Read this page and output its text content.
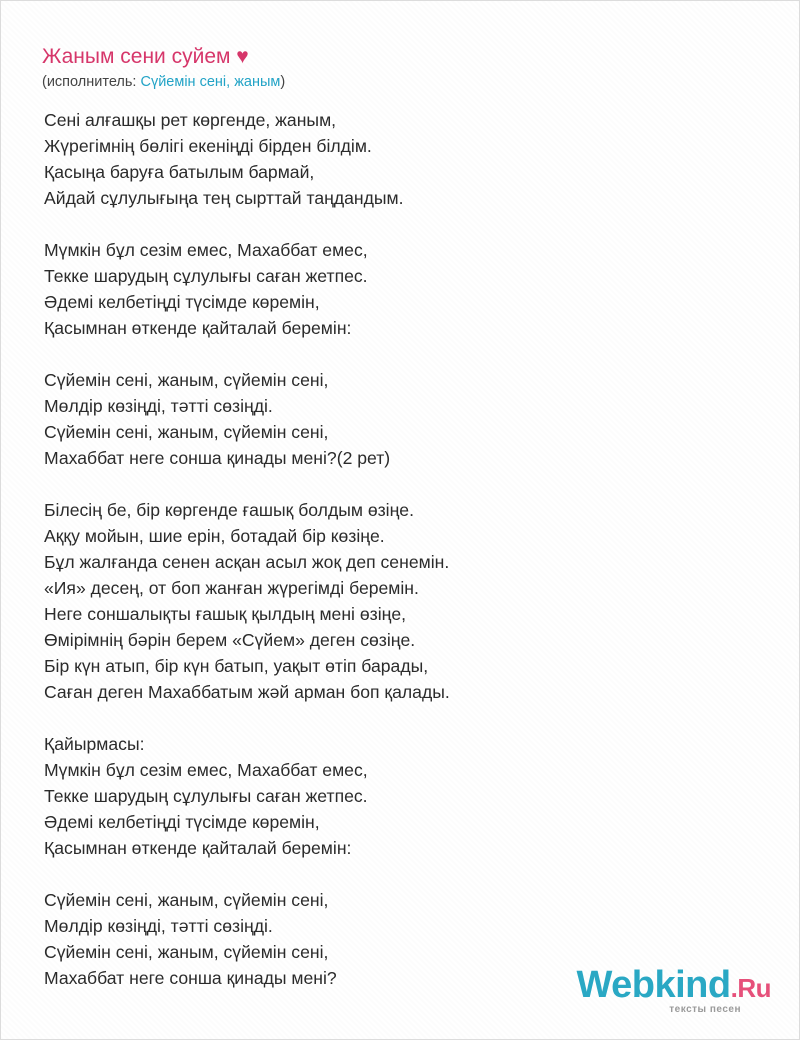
Жаным сени суйем ♥
(исполнитель: Сүйемін сені, жаным)
Сені алғашқы рет көргенде, жаным,
Жүрегімнің бөлігі екеніңді бірден білдім.
Қасыңа баруға батылым бармай,
Айдай сұлулығыңа тең сырттай таңдандым.
Мүмкін бұл сезім емес, Махаббат емес,
Текке шарудың сұлулығы саған жетпес.
Әдемі келбетіңді түсімде көремін,
Қасымнан өткенде қайталай беремін:
Сүйемін сені, жаным, сүйемін сені,
Мөлдір көзіңді, тәтті сөзіңді.
Сүйемін сені, жаным, сүйемін сені,
Махаббат неге сонша қинады мені?(2 рет)
Білесің бе, бір көргенде ғашық болдым өзіңе.
Аққу мойын, шие ерін, ботадай бір көзіңе.
Бұл жалғанда сенен асқан асыл жоқ деп сенемін.
«Ия» десең, от боп жанған жүрегімді беремін.
Неге соншалықты ғашық қылдың мені өзіңе,
Өмірімнің бәрін берем «Сүйем» деген сөзіңе.
Бір күн атып, бір күн батып, уақыт өтіп барады,
Саған деген Махаббатым жәй арман боп қалады.
Қайырмасы:
Мүмкін бұл сезім емес, Махаббат емес,
Текке шарудың сұлулығы саған жетпес.
Әдемі келбетіңді түсімде көремін,
Қасымнан өткенде қайталай беремін:
Сүйемін сені, жаным, сүйемін сені,
Мөлдір көзіңді, тәтті сөзіңді.
Сүйемін сені, жаным, сүйемін сені,
Махаббат неге сонша қинады мені?	Webkind.Ru
тексты песен
